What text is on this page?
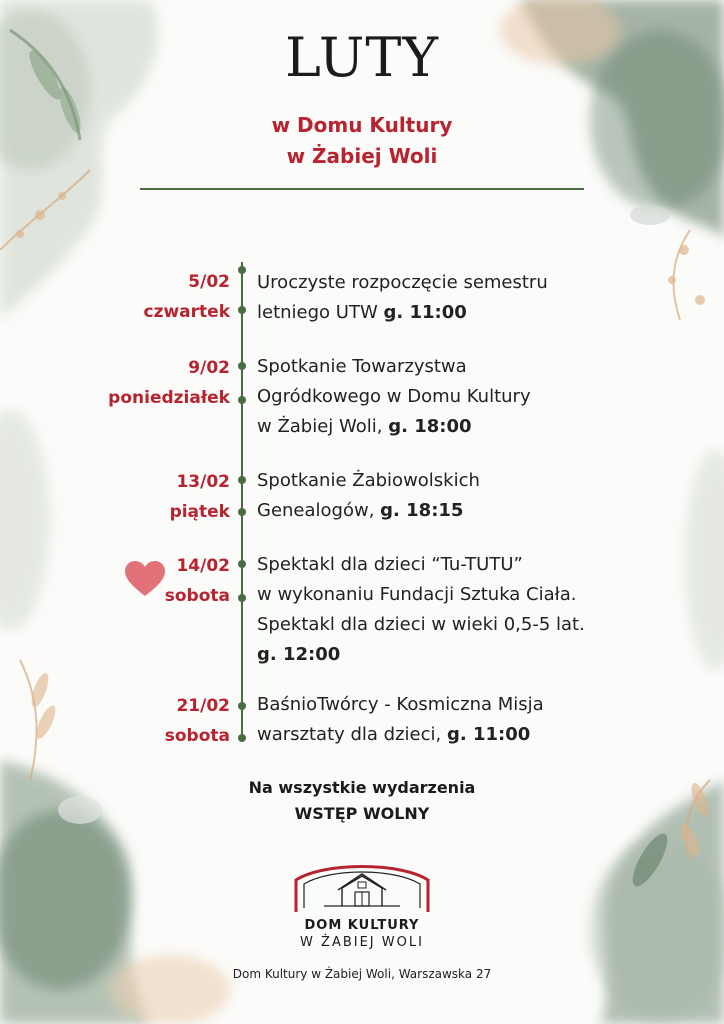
LUTY
w Domu Kultury
w Żabiej Woli
5/02
czwartek
Uroczyste rozpoczęcie semestru
letniego UTW g. 11:00
9/02
poniedziałek
Spotkanie Towarzystwa
Ogródkowego w Domu Kultury
w Żabiej Woli, g. 18:00
13/02
piątek
Spotkanie Żabiowolskich
Genealogów, g. 18:15
14/02
sobota
Spektakl dla dzieci “Tu-TUTU”
w wykonaniu Fundacji Sztuka Ciała.
Spektakl dla dzieci w wieki 0,5-5 lat.
g. 12:00
21/02
sobota
BaśnioTwórcy - Kosmiczna Misja
warsztaty dla dzieci, g. 11:00
Na wszystkie wydarzenia
WSTĘP WOLNY
DOM KULTURY
W ŻABIEJ WOLI
Dom Kultury w Żabiej Woli, Warszawska 27
